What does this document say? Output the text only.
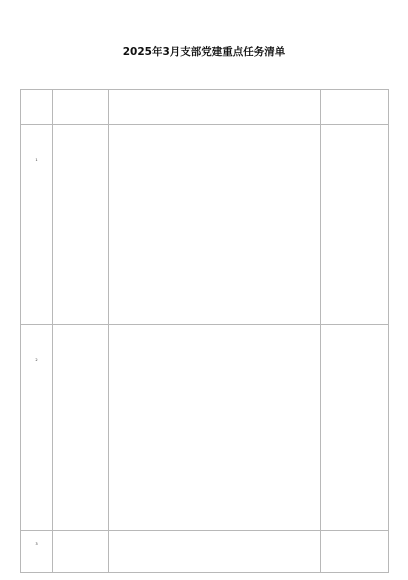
2025年3月支部党建重点任务清单

1		

2		

3		
